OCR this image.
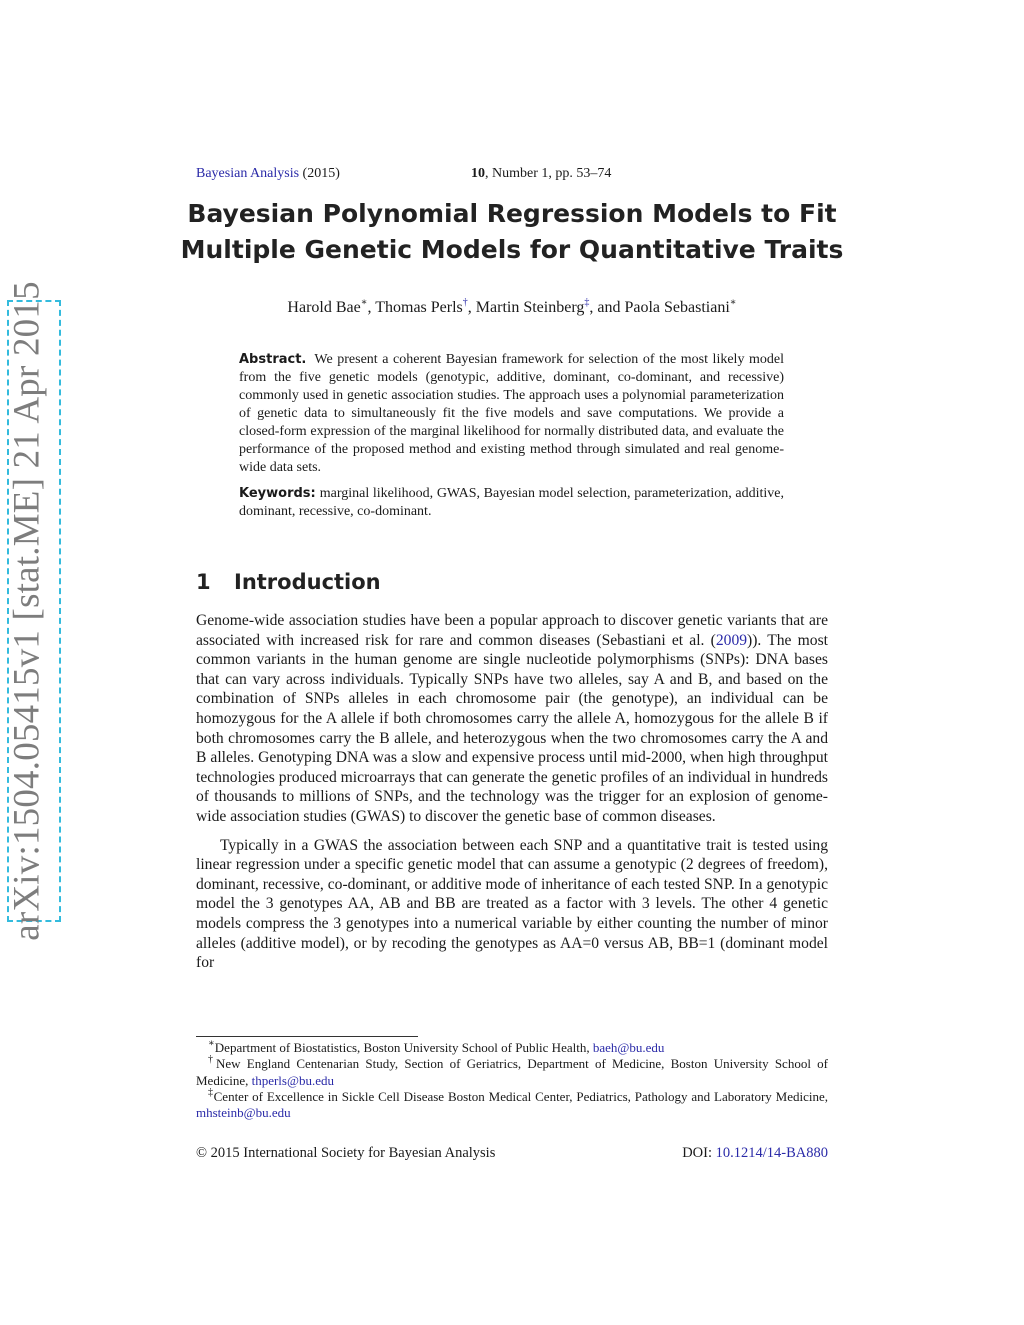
Bayesian Analysis (2015)	10, Number 1, pp. 53–74
Bayesian Polynomial Regression Models to Fit
Multiple Genetic Models for Quantitative Traits
Harold Bae∗, Thomas Perls†, Martin Steinberg‡, and Paola Sebastiani∗

Abstract. We present a coherent Bayesian framework for selection of the most likely model from the five genetic models (genotypic, additive, dominant, co-dominant, and recessive) commonly used in genetic association studies. The approach uses a polynomial parameterization of genetic data to simultaneously fit the five models and save computations. We provide a closed-form expression of the marginal likelihood for normally distributed data, and evaluate the performance of the proposed method and existing method through simulated and real genome-wide data sets.

Keywords: marginal likelihood, GWAS, Bayesian model selection, parameterization, additive, dominant, recessive, co-dominant.

1 Introduction

Genome-wide association studies have been a popular approach to discover genetic variants that are associated with increased risk for rare and common diseases (Sebastiani et al. (2009)). The most common variants in the human genome are single nucleotide polymorphisms (SNPs): DNA bases that can vary across individuals. Typically SNPs have two alleles, say A and B, and based on the combination of SNPs alleles in each chromosome pair (the genotype), an individual can be homozygous for the A allele if both chromosomes carry the allele A, homozygous for the allele B if both chromosomes carry the B allele, and heterozygous when the two chromosomes carry the A and B alleles. Genotyping DNA was a slow and expensive process until mid-2000, when high throughput technologies produced microarrays that can generate the genetic profiles of an individual in hundreds of thousands to millions of SNPs, and the technology was the trigger for an explosion of genome-wide association studies (GWAS) to discover the genetic base of common diseases.

Typically in a GWAS the association between each SNP and a quantitative trait is tested using linear regression under a specific genetic model that can assume a genotypic (2 degrees of freedom), dominant, recessive, co-dominant, or additive mode of inheritance of each tested SNP. In a genotypic model the 3 genotypes AA, AB and BB are treated as a factor with 3 levels. The other 4 genetic models compress the 3 genotypes into a numerical variable by either counting the number of minor alleles (additive model), or by recoding the genotypes as AA=0 versus AB, BB=1 (dominant model for

∗Department of Biostatistics, Boston University School of Public Health, baeh@bu.edu

†New England Centenarian Study, Section of Geriatrics, Department of Medicine, Boston University School of Medicine, thperls@bu.edu

‡Center of Excellence in Sickle Cell Disease Boston Medical Center, Pediatrics, Pathology and Laboratory Medicine, mhsteinb@bu.edu

© 2015 International Society for Bayesian Analysis	DOI: 10.1214/14-BA880
arXiv:1504.05415v1 [stat.ME] 21 Apr 2015
